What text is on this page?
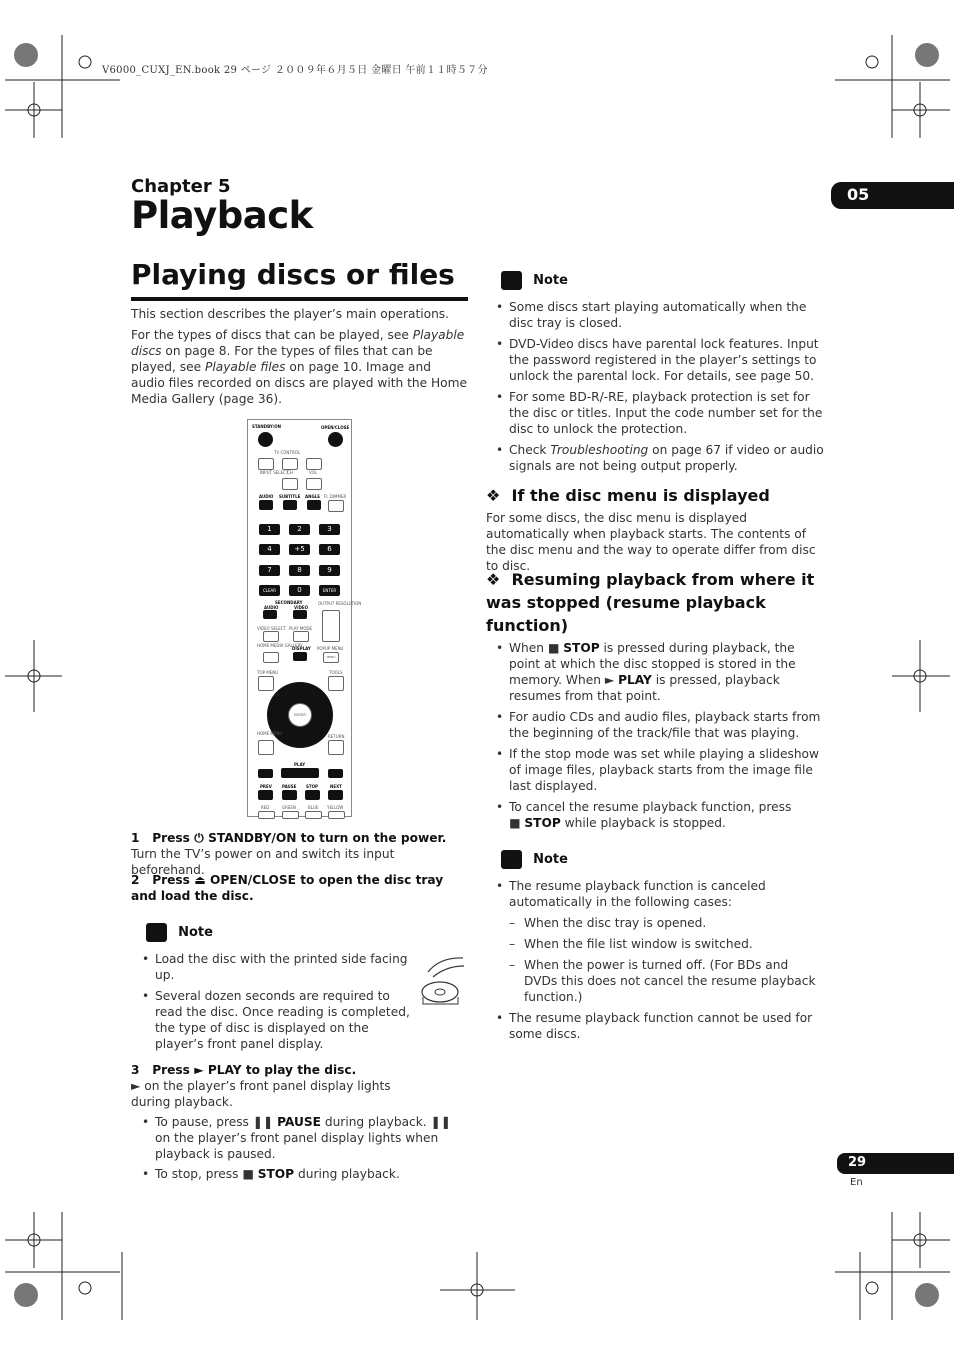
V6000_CUXJ_EN.book 29 ページ ２００９年６月５日 金曜日 午前１１時５７分
Chapter 5
Playback	05
Playing discs or files
This section describes the player’s main operations.
For the types of discs that can be played, see Playable discs on page 8. For the types of files that can be played, see Playable files on page 10. Image and audio files recorded on discs are played with the Home Media Gallery (page 36).
STANDBY/ON	OPEN/CLOSE
TV CONTROL
INPUT SELECT
CH	VOL
AUDIO SUBTITLE ANGLE FL DIMMER
1	2	3
4	+5	6
7	8	9
CLEAR	0	ENTER
SECONDARY
AUDIO	VIDEO
OUTPUT RESOLUTION
VIDEO SELECT PLAY MODE
HOME MEDIA GALLERY
DISPLAY POPUP MENU
MENU
TOP MENU	TOOLS
ENTER
HOME MENU
RETURN
PLAY
PREV	PAUSE STOP	NEXT
RED	GREEN	BLUE YELLOW
1 Press ⏻ STANDBY/ON to turn on the power.
Turn the TV’s power on and switch its input beforehand.
2 Press ⏏ OPEN/CLOSE to open the disc tray and load the disc.
Note
• Load the disc with the printed side facing up.
• Several dozen seconds are required to read the disc. Once reading is completed, the type of disc is displayed on the player’s front panel display.
3 Press ► PLAY to play the disc.
► on the player’s front panel display lights during playback.
• To pause, press ❚❚ PAUSE during playback. ❚❚ on the player’s front panel display lights when playback is paused.
• To stop, press ■ STOP during playback.
Note
• Some discs start playing automatically when the disc tray is closed.
• DVD-Video discs have parental lock features. Input the password registered in the player’s settings to unlock the parental lock. For details, see page 50.
• For some BD-R/-RE, playback protection is set for the disc or titles. Input the code number set for the disc to unlock the protection.
• Check Troubleshooting on page 67 if video or audio signals are not being output properly.
❖ If the disc menu is displayed
For some discs, the disc menu is displayed automatically when playback starts. The contents of the disc menu and the way to operate differ from disc to disc.
❖ Resuming playback from where it was stopped (resume playback function)
• When ■ STOP is pressed during playback, the point at which the disc stopped is stored in the memory. When ► PLAY is pressed, playback resumes from that point.
• For audio CDs and audio files, playback starts from the beginning of the track/file that was playing.
• If the stop mode was set while playing a slideshow of image files, playback starts from the image file last displayed.
• To cancel the resume playback function, press
■ STOP while playback is stopped.
Note
• The resume playback function is canceled automatically in the following cases:
– When the disc tray is opened.
– When the file list window is switched.
– When the power is turned off. (For BDs and DVDs this does not cancel the resume playback function.)
• The resume playback function cannot be used for some discs.
29
En
